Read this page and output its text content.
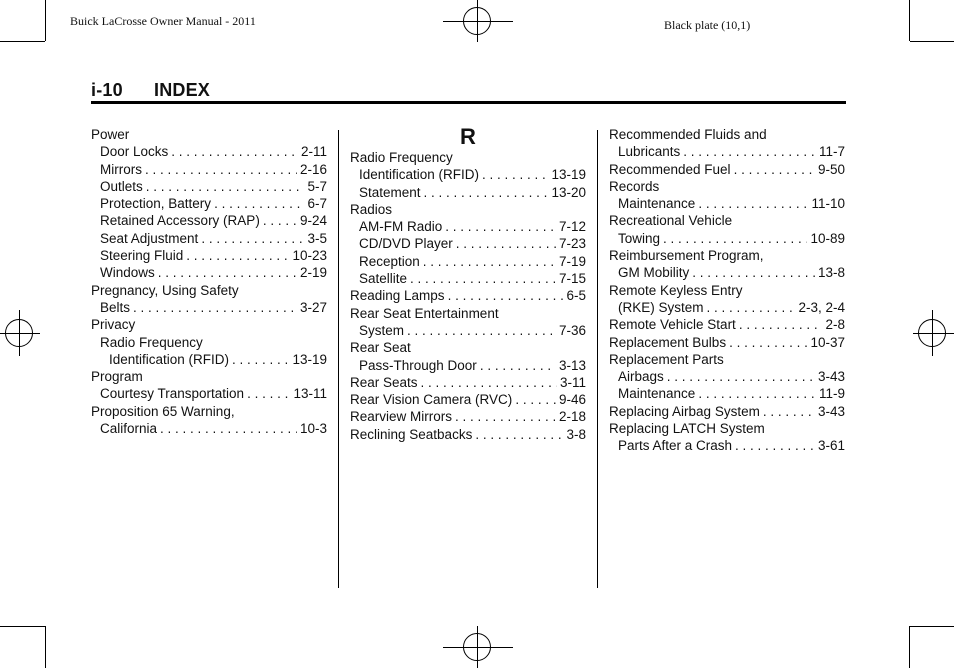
Buick LaCrosse Owner Manual - 2011	Black plate (10,1)
i-10 INDEX
Power
Door Locks . . .	2-11
Mirrors . . .	2-16
Outlets . . .	5-7
Protection, Battery . . .	6-7
Retained Accessory (RAP) . . .	9-24
Seat Adjustment . . .	3-5
Steering Fluid . . .	10-23
Windows . . .	2-19
Pregnancy, Using Safety
Belts . . .	3-27
Privacy
Radio Frequency
Identification (RFID) . . .	13-19
Program
Courtesy Transportation . . .	13-11
Proposition 65 Warning,
California . . .	10-3
R
Radio Frequency
Identification (RFID) . . .	13-19
Statement . . .	13-20
Radios
AM-FM Radio . . .	7-12
CD/DVD Player . . .	7-23
Reception . . .	7-19
Satellite . . .	7-15
Reading Lamps . . .	6-5
Rear Seat Entertainment
System . . .	7-36
Rear Seat
Pass-Through Door . . .	3-13
Rear Seats . . .	3-11
Rear Vision Camera (RVC) . . .	9-46
Rearview Mirrors . . .	2-18
Reclining Seatbacks . . .	3-8
Recommended Fluids and
Lubricants . . .	11-7
Recommended Fuel . . .	9-50
Records
Maintenance . . .	11-10
Recreational Vehicle
Towing . . .	10-89
Reimbursement Program,
GM Mobility . . .	13-8
Remote Keyless Entry
(RKE) System . . .	2-3, 2-4
Remote Vehicle Start . . .	2-8
Replacement Bulbs . . .	10-37
Replacement Parts
Airbags . . .	3-43
Maintenance . . .	11-9
Replacing Airbag System . . .	3-43
Replacing LATCH System
Parts After a Crash . . .	3-61
